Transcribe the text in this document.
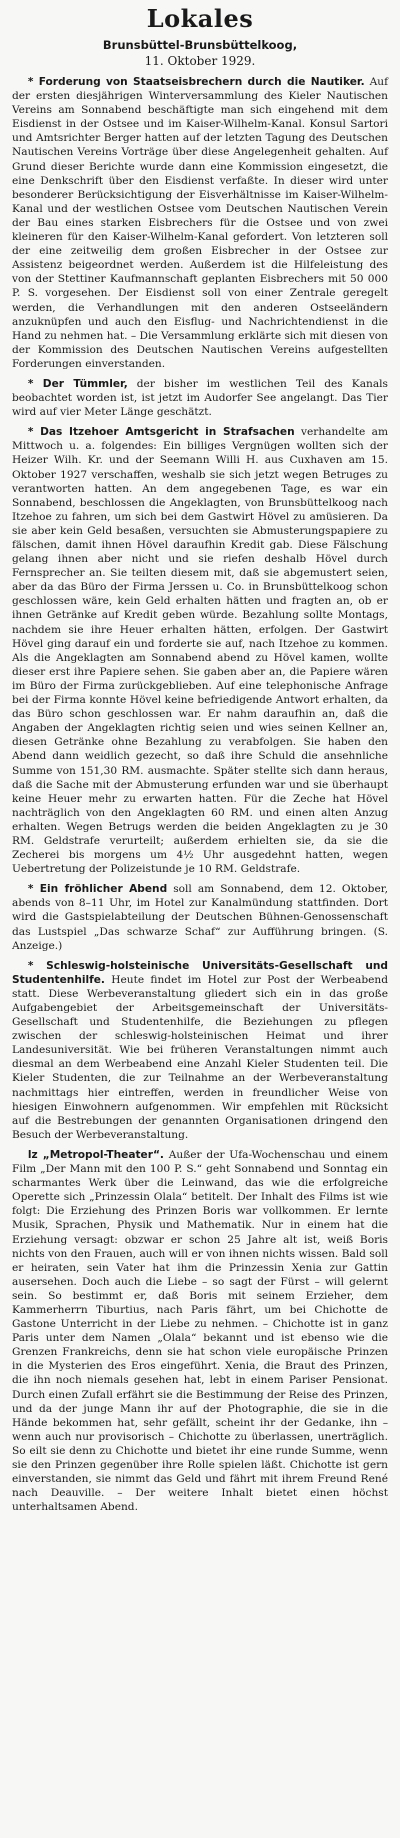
Lokales
Brunsbüttel-Brunsbüttelkoog,
11. Oktober 1929.

* Forderung von Staatseisbrechern durch die Nautiker. Auf der ersten diesjährigen Winterversammlung des Kieler Nautischen Vereins am Sonnabend beschäftigte man sich eingehend mit dem Eisdienst in der Ostsee und im Kaiser-Wilhelm-Kanal. Konsul Sartori und Amtsrichter Berger hatten auf der letzten Tagung des Deutschen Nautischen Vereins Vorträge über diese Angelegenheit gehalten. Auf Grund dieser Berichte wurde dann eine Kommission eingesetzt, die eine Denkschrift über den Eisdienst verfaßte. In dieser wird unter besonderer Berücksichtigung der Eisverhältnisse im Kaiser-Wilhelm-Kanal und der westlichen Ostsee vom Deutschen Nautischen Verein der Bau eines starken Eisbrechers für die Ostsee und von zwei kleineren für den Kaiser-Wilhelm-Kanal gefordert. Von letzteren soll der eine zeitweilig dem großen Eisbrecher in der Ostsee zur Assistenz beigeordnet werden. Außerdem ist die Hilfeleistung des von der Stettiner Kaufmannschaft geplanten Eisbrechers mit 50 000 P. S. vorgesehen. Der Eisdienst soll von einer Zentrale geregelt werden, die Verhandlungen mit den anderen Ostseeländern anzuknüpfen und auch den Eisflug- und Nachrichtendienst in die Hand zu nehmen hat. – Die Versammlung erklärte sich mit diesen von der Kommission des Deutschen Nautischen Vereins aufgestellten Forderungen einverstanden.

* Der Tümmler, der bisher im westlichen Teil des Kanals beobachtet worden ist, ist jetzt im Audorfer See angelangt. Das Tier wird auf vier Meter Länge geschätzt.

* Das Itzehoer Amtsgericht in Strafsachen verhandelte am Mittwoch u. a. folgendes: Ein billiges Vergnügen wollten sich der Heizer Wilh. Kr. und der Seemann Willi H. aus Cuxhaven am 15. Oktober 1927 verschaffen, weshalb sie sich jetzt wegen Betruges zu verantworten hatten. An dem angegebenen Tage, es war ein Sonnabend, beschlossen die Angeklagten, von Brunsbüttelkoog nach Itzehoe zu fahren, um sich bei dem Gastwirt Hövel zu amüsieren. Da sie aber kein Geld besaßen, versuchten sie Abmusterungspapiere zu fälschen, damit ihnen Hövel daraufhin Kredit gab. Diese Fälschung gelang ihnen aber nicht und sie riefen deshalb Hövel durch Fernsprecher an. Sie teilten diesem mit, daß sie abgemustert seien, aber da das Büro der Firma Jerssen u. Co. in Brunsbüttelkoog schon geschlossen wäre, kein Geld erhalten hätten und fragten an, ob er ihnen Getränke auf Kredit geben würde. Bezahlung sollte Montags, nachdem sie ihre Heuer erhalten hätten, erfolgen. Der Gastwirt Hövel ging darauf ein und forderte sie auf, nach Itzehoe zu kommen. Als die Angeklagten am Sonnabend abend zu Hövel kamen, wollte dieser erst ihre Papiere sehen. Sie gaben aber an, die Papiere wären im Büro der Firma zurückgeblieben. Auf eine telephonische Anfrage bei der Firma konnte Hövel keine befriedigende Antwort erhalten, da das Büro schon geschlossen war. Er nahm daraufhin an, daß die Angaben der Angeklagten richtig seien und wies seinen Kellner an, diesen Getränke ohne Bezahlung zu verabfolgen. Sie haben den Abend dann weidlich gezecht, so daß ihre Schuld die ansehnliche Summe von 151,30 RM. ausmachte. Später stellte sich dann heraus, daß die Sache mit der Abmusterung erfunden war und sie überhaupt keine Heuer mehr zu erwarten hatten. Für die Zeche hat Hövel nachträglich von den Angeklagten 60 RM. und einen alten Anzug erhalten. Wegen Betrugs werden die beiden Angeklagten zu je 30 RM. Geldstrafe verurteilt; außerdem erhielten sie, da sie die Zecherei bis morgens um 4½ Uhr ausgedehnt hatten, wegen Uebertretung der Polizeistunde je 10 RM. Geldstrafe.

* Ein fröhlicher Abend soll am Sonnabend, dem 12. Oktober, abends von 8–11 Uhr, im Hotel zur Kanalmündung stattfinden. Dort wird die Gastspielabteilung der Deutschen Bühnen-Genossenschaft das Lustspiel „Das schwarze Schaf“ zur Aufführung bringen. (S. Anzeige.)

* Schleswig-holsteinische Universitäts-Gesellschaft und Studentenhilfe. Heute findet im Hotel zur Post der Werbeabend statt. Diese Werbeveranstaltung gliedert sich ein in das große Aufgabengebiet der Arbeitsgemeinschaft der Universitäts-Gesellschaft und Studentenhilfe, die Beziehungen zu pflegen zwischen der schleswig-holsteinischen Heimat und ihrer Landesuniversität. Wie bei früheren Veranstaltungen nimmt auch diesmal an dem Werbeabend eine Anzahl Kieler Studenten teil. Die Kieler Studenten, die zur Teilnahme an der Werbeveranstaltung nachmittags hier eintreffen, werden in freundlicher Weise von hiesigen Einwohnern aufgenommen. Wir empfehlen mit Rücksicht auf die Bestrebungen der genannten Organisationen dringend den Besuch der Werbeveranstaltung.

lz „Metropol-Theater“. Außer der Ufa-Wochenschau und einem Film „Der Mann mit den 100 P. S.“ geht Sonnabend und Sonntag ein scharmantes Werk über die Leinwand, das wie die erfolgreiche Operette sich „Prinzessin Olala“ betitelt. Der Inhalt des Films ist wie folgt: Die Erziehung des Prinzen Boris war vollkommen. Er lernte Musik, Sprachen, Physik und Mathematik. Nur in einem hat die Erziehung versagt: obzwar er schon 25 Jahre alt ist, weiß Boris nichts von den Frauen, auch will er von ihnen nichts wissen. Bald soll er heiraten, sein Vater hat ihm die Prinzessin Xenia zur Gattin ausersehen. Doch auch die Liebe – so sagt der Fürst – will gelernt sein. So bestimmt er, daß Boris mit seinem Erzieher, dem Kammerherrn Tiburtius, nach Paris fährt, um bei Chichotte de Gastone Unterricht in der Liebe zu nehmen. – Chichotte ist in ganz Paris unter dem Namen „Olala“ bekannt und ist ebenso wie die Grenzen Frankreichs, denn sie hat schon viele europäische Prinzen in die Mysterien des Eros eingeführt. Xenia, die Braut des Prinzen, die ihn noch niemals gesehen hat, lebt in einem Pariser Pensionat. Durch einen Zufall erfährt sie die Bestimmung der Reise des Prinzen, und da der junge Mann ihr auf der Photographie, die sie in die Hände bekommen hat, sehr gefällt, scheint ihr der Gedanke, ihn – wenn auch nur provisorisch – Chichotte zu überlassen, unerträglich. So eilt sie denn zu Chichotte und bietet ihr eine runde Summe, wenn sie den Prinzen gegenüber ihre Rolle spielen läßt. Chichotte ist gern einverstanden, sie nimmt das Geld und fährt mit ihrem Freund René nach Deauville. – Der weitere Inhalt bietet einen höchst unterhaltsamen Abend.
